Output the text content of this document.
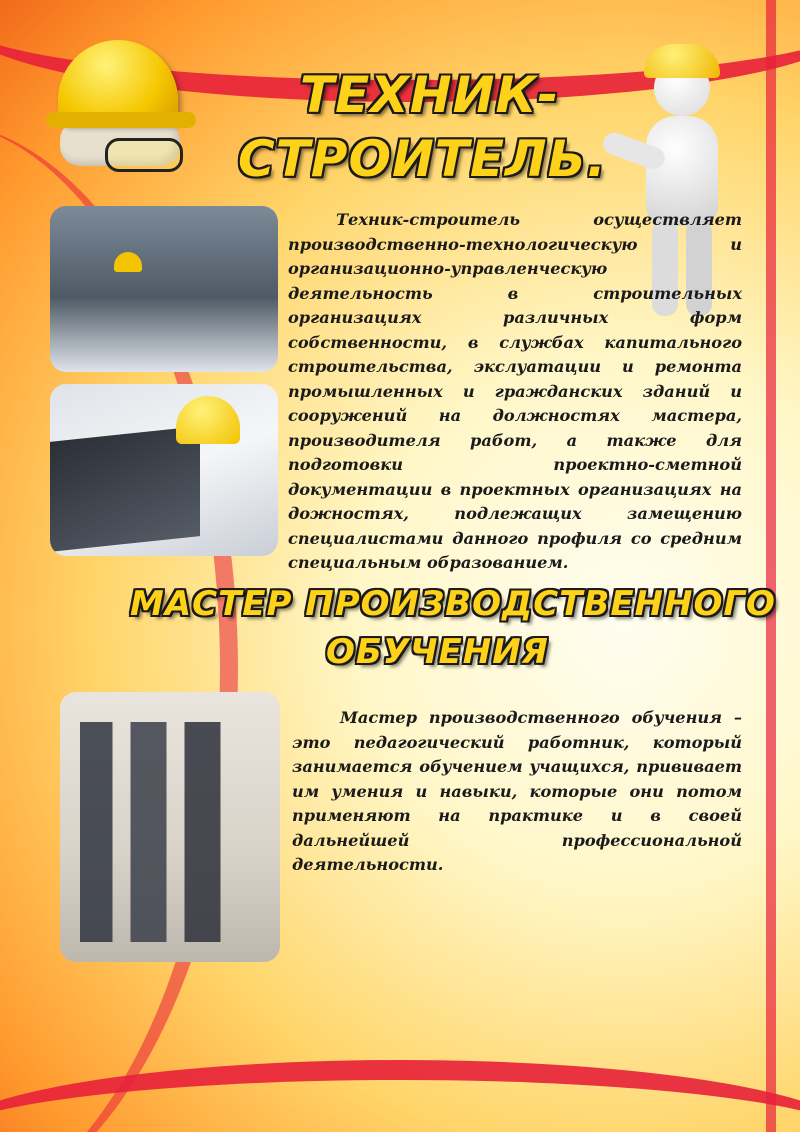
ТЕХНИК-
СТРОИТЕЛЬ.

Техник-строитель осуществляет производственно-технологическую и организационно-управленческую деятельность в строительных организациях различных форм собственности, в службах капитального строительства, экслуатации и ремонта промышленных и гражданских зданий и сооружений на должностях мастера, производителя работ, а также для подготовки проектно-сметной документации в проектных организациях на дожностях, подлежащих замещению специалистами данного профиля со средним специальным образованием.

МАСТЕР ПРОИЗВОДСТВЕННОГО
ОБУЧЕНИЯ

Мастер производственного обучения – это педагогический работник, который занимается обучением учащихся, прививает им умения и навыки, которые они потом применяют на практике и в своей дальнейшей профессиональной деятельности.
